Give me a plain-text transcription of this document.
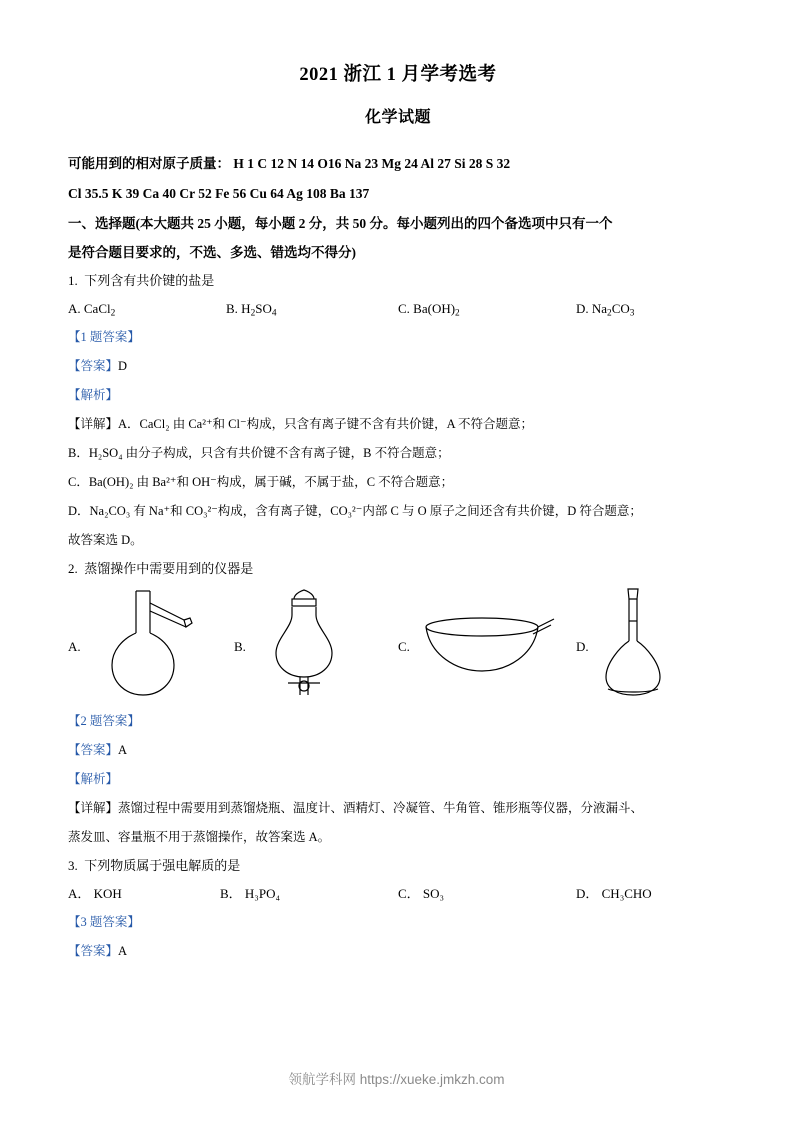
2021 浙江 1 月学考选考
化学试题
可能用到的相对原子质量： H 1 C 12 N 14 O16 Na 23 Mg 24 Al 27 Si 28 S 32
Cl 35.5 K 39 Ca 40 Cr 52 Fe 56 Cu 64 Ag 108 Ba 137
一、选择题(本大题共 25 小题，每小题 2 分，共 50 分。每小题列出的四个备选项中只有一个
是符合题目要求的，不选、多选、错选均不得分)
1. 下列含有共价键的盐是
A. CaCl$_2$	B. $H_2SO_4$	C. $Ba(OH)_2$	D. $Na_2CO_3$
【1 题答案】
【答案】D
【解析】
【详解】A．CaCl₂ 由 Ca²⁺和 Cl⁻构成，只含有离子键不含有共价键，A 不符合题意；
B．H₂SO₄ 由分子构成，只含有共价键不含有离子键，B 不符合题意；
C．Ba(OH)₂ 由 Ba²⁺和 OH⁻构成，属于碱，不属于盐，C 不符合题意；
D．Na₂CO₃ 有 Na⁺和 CO₃²⁻构成，含有离子键，CO₃²⁻内部 C 与 O 原子之间还含有共价键，D 符合题意；
故答案选 D。
2. 蒸馏操作中需要用到的仪器是
A.	B.	C.	D.
【2 题答案】
【答案】A
【解析】
【详解】蒸馏过程中需要用到蒸馏烧瓶、温度计、酒精灯、冷凝管、牛角管、锥形瓶等仪器，分液漏斗、
蒸发皿、容量瓶不用于蒸馏操作，故答案选 A。
3. 下列物质属于强电解质的是
A． KOH	B． H₃PO₄	C． SO₃	D． CH₃CHO
【3 题答案】
【答案】A
领航学科网 https://xueke.jmkzh.com
